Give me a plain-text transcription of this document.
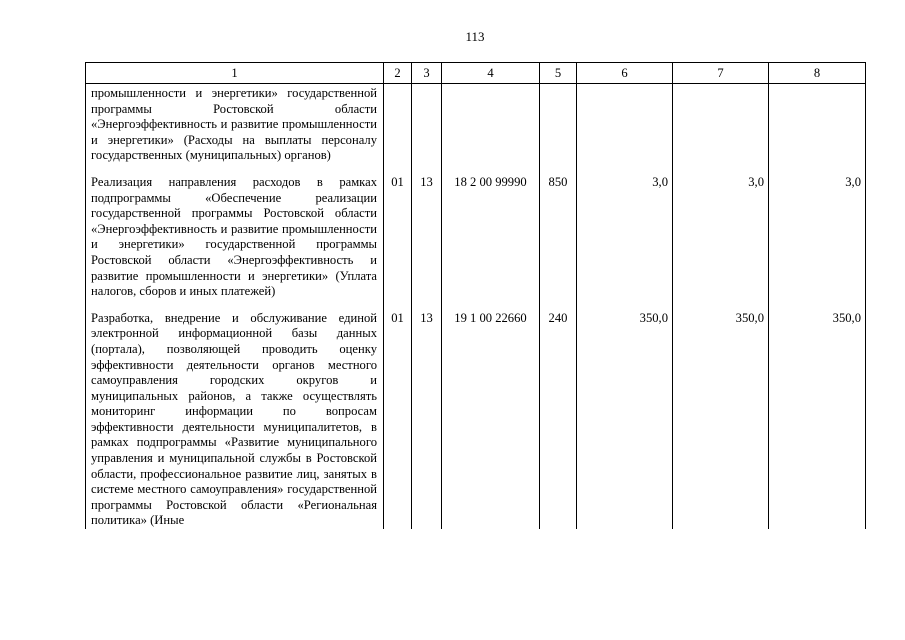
113
1	2	3	4	5	6	7	8
промышленности и энергетики» государственной программы Ростовской области «Энергоэффективность и развитие промышленности и энергетики» (Расходы на выплаты персоналу государственных (муниципальных) органов)							
Реализация направления расходов в рамках подпрограммы «Обеспечение реализации государственной программы Ростовской области «Энергоэффективность и развитие промышленности и энергетики» государственной программы Ростовской области «Энергоэффективность и развитие промышленности и энергетики» (Уплата налогов, сборов и иных платежей)	01	13	18 2 00 99990	850	3,0	3,0	3,0
Разработка, внедрение и обслуживание единой электронной информационной базы данных (портала), позволяющей проводить оценку эффективности деятельности органов местного самоуправления городских округов и муниципальных районов, а также осуществлять мониторинг информации по вопросам эффективности деятельности муниципалитетов, в рамках подпрограммы «Развитие муниципального управления и муниципальной службы в Ростовской области, профессиональное развитие лиц, занятых в системе местного самоуправления» государственной программы Ростовской области «Региональная политика» (Иные	01	13	19 1 00 22660	240	350,0	350,0	350,0
